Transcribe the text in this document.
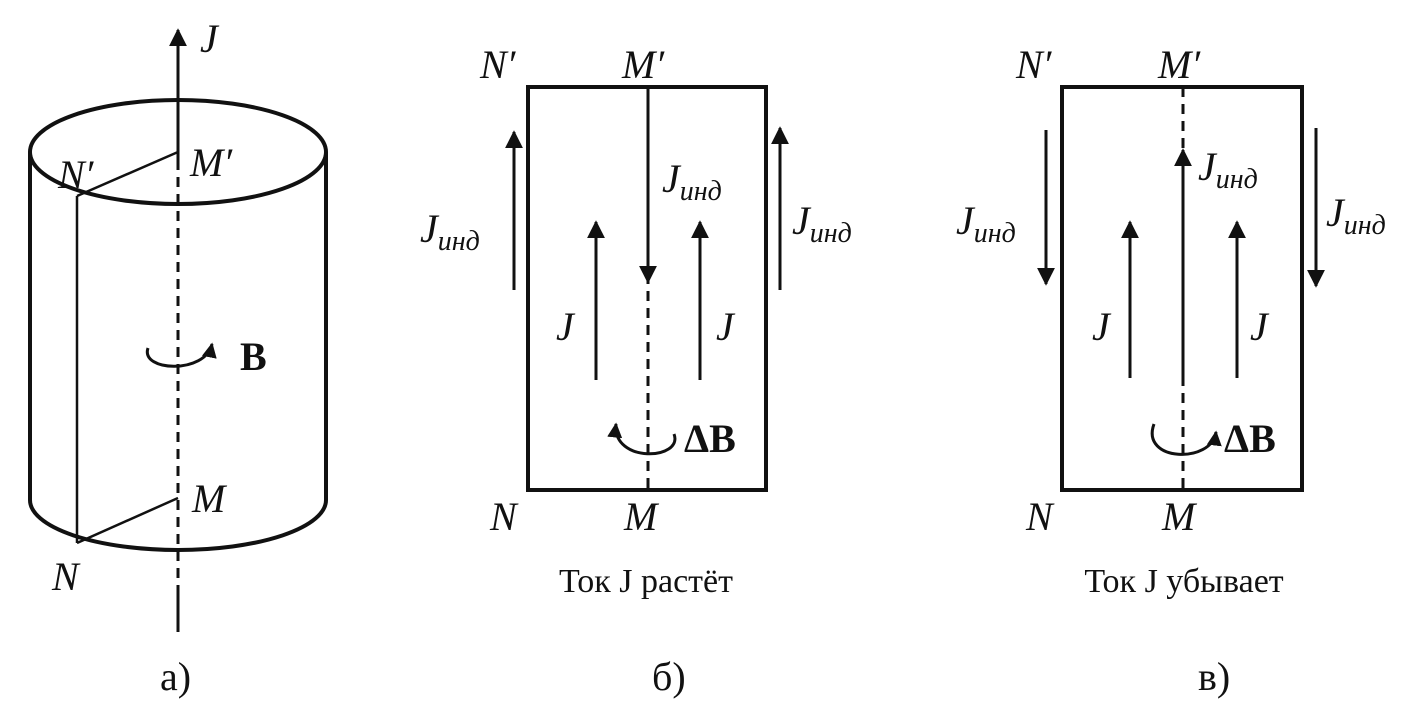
J
N′ M′
B
M
N
а)
N′	M′
$J_{инд}$
$J_{инд}$	$J_{инд}$
J	J
ΔB
N	M
Ток J растёт
б)
N′	M′
$J_{инд}$
$J_{инд}$	$J_{инд}$
J	J
ΔB
N	M
Ток J убывает
в)
